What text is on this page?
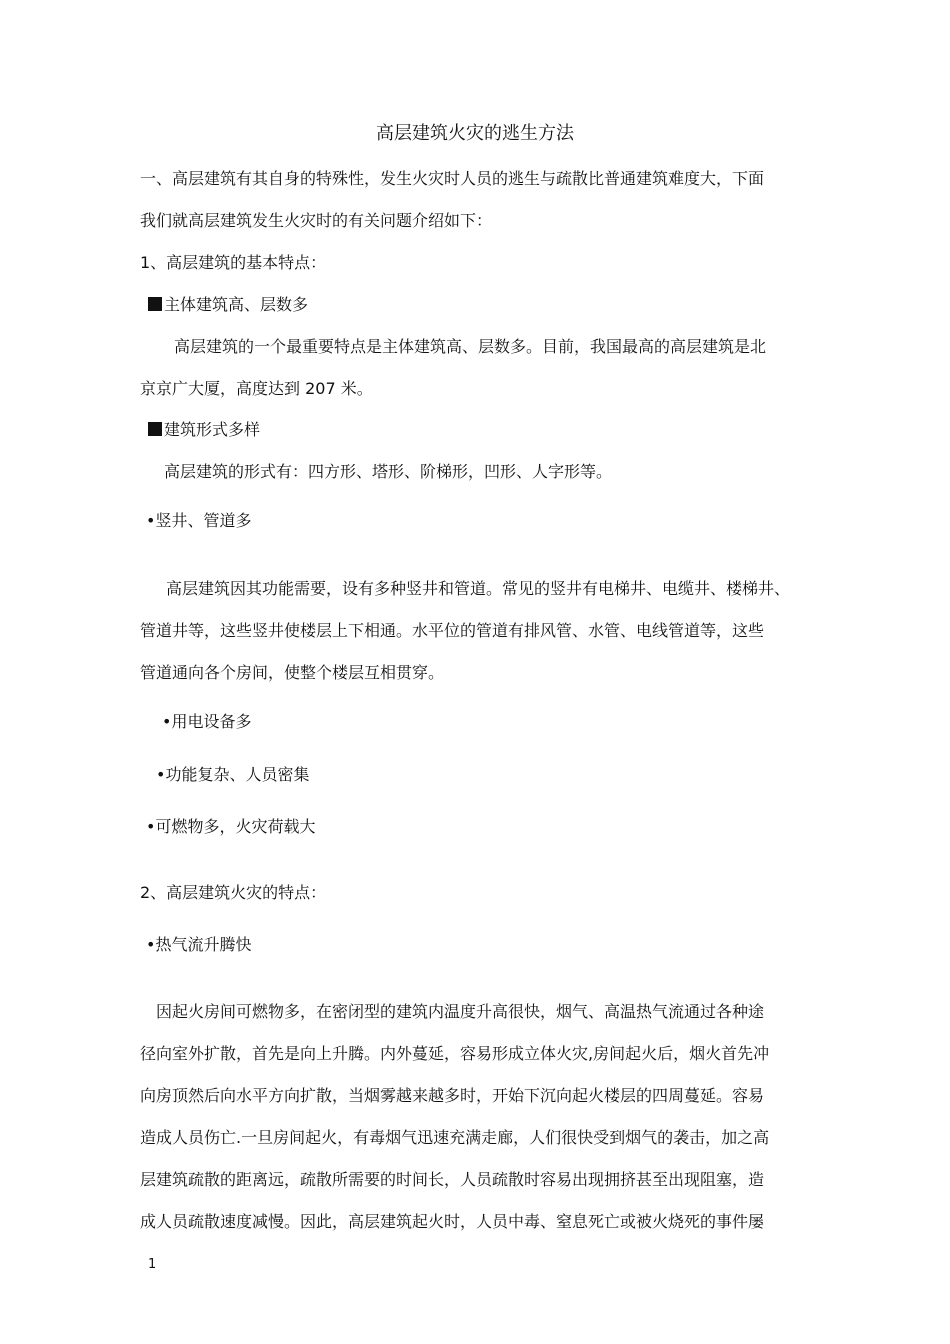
高层建筑火灾的逃生方法

一、高层建筑有其自身的特殊性，发生火灾时人员的逃生与疏散比普通建筑难度大，下面

我们就高层建筑发生火灾时的有关问题介绍如下：

1、高层建筑的基本特点：

主体建筑高、层数多

高层建筑的一个最重要特点是主体建筑高、层数多。目前，我国最高的高层建筑是北

京京广大厦，高度达到 207 米。

建筑形式多样

高层建筑的形式有：四方形、塔形、阶梯形，凹形、人字形等。

•竖井、管道多

高层建筑因其功能需要，设有多种竖井和管道。常见的竖井有电梯井、电缆井、楼梯井、

管道井等，这些竖井使楼层上下相通。水平位的管道有排风管、水管、电线管道等，这些

管道通向各个房间，使整个楼层互相贯穿。

•用电设备多

•功能复杂、人员密集

•可燃物多，火灾荷载大

2、高层建筑火灾的特点：

•热气流升腾快

因起火房间可燃物多，在密闭型的建筑内温度升高很快，烟气、高温热气流通过各种途

径向室外扩散，首先是向上升腾。内外蔓延，容易形成立体火灾,房间起火后，烟火首先冲

向房顶然后向水平方向扩散，当烟雾越来越多时，开始下沉向起火楼层的四周蔓延。容易

造成人员伤亡.一旦房间起火，有毒烟气迅速充满走廊，人们很快受到烟气的袭击，加之高

层建筑疏散的距离远，疏散所需要的时间长，人员疏散时容易出现拥挤甚至出现阻塞，造

成人员疏散速度减慢。因此，高层建筑起火时，人员中毒、窒息死亡或被火烧死的事件屡

1
